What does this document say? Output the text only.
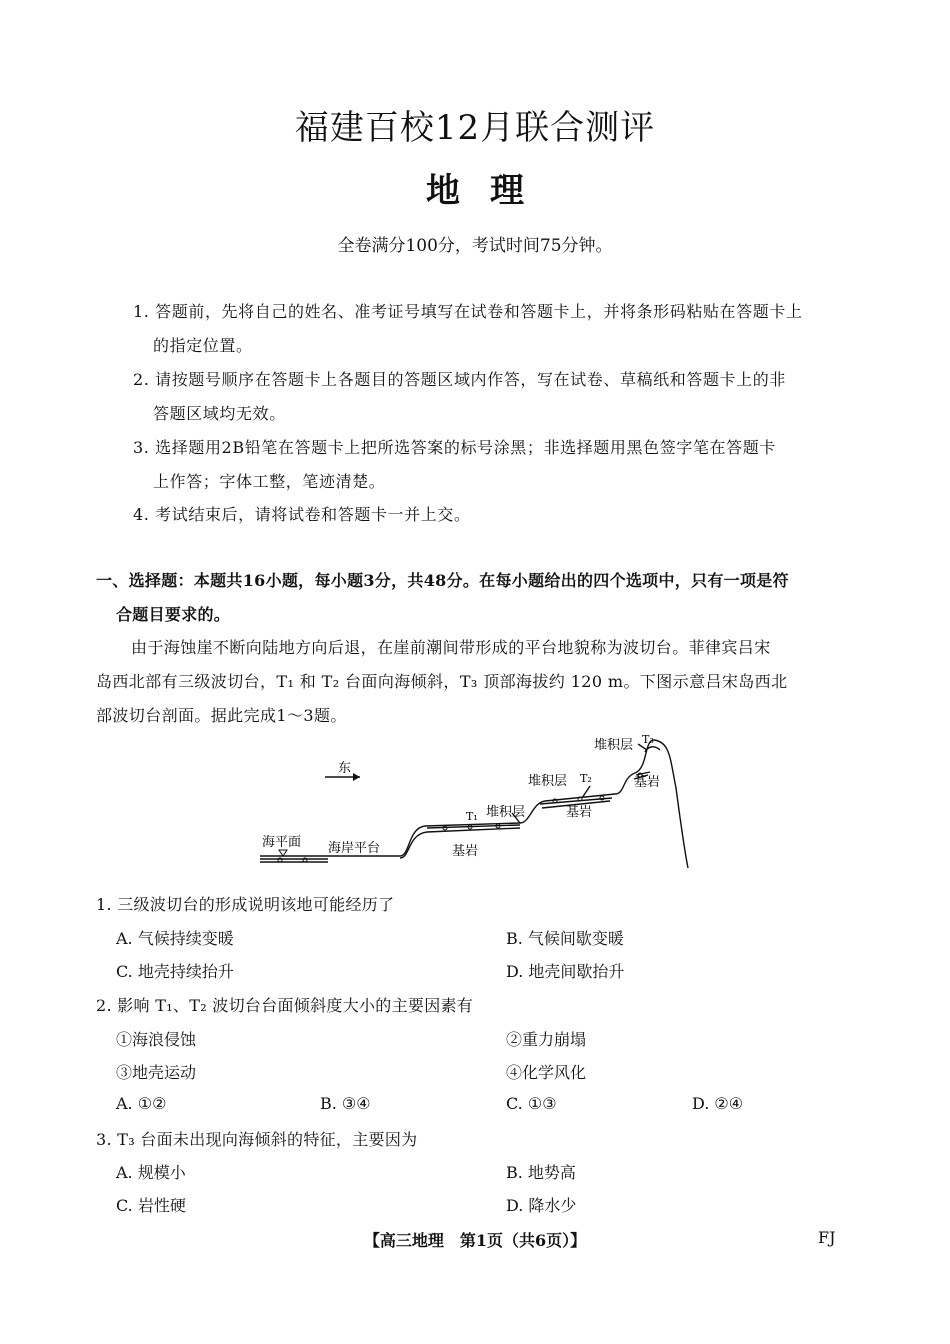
福建百校12月联合测评
地理
全卷满分100分，考试时间75分钟。
1. 答题前，先将自己的姓名、准考证号填写在试卷和答题卡上，并将条形码粘贴在答题卡上
的指定位置。
2. 请按题号顺序在答题卡上各题目的答题区域内作答，写在试卷、草稿纸和答题卡上的非
答题区域均无效。
3. 选择题用2B铅笔在答题卡上把所选答案的标号涂黑；非选择题用黑色签字笔在答题卡
上作答；字体工整，笔迹清楚。
4. 考试结束后，请将试卷和答题卡一并上交。
一、选择题：本题共16小题，每小题3分，共48分。在每小题给出的四个选项中，只有一项是符
合题目要求的。
由于海蚀崖不断向陆地方向后退，在崖前潮间带形成的平台地貌称为波切台。菲律宾吕宋
岛西北部有三级波切台，T₁ 和 T₂ 台面向海倾斜，T₃ 顶部海拔约 120 m。下图示意吕宋岛西北
部波切台剖面。据此完成1～3题。
东
海平面 海岸平台	基岩
T₁ 堆积层	基岩
堆积层 T₂	基岩
堆积层 T₃
1. 三级波切台的形成说明该地可能经历了
A. 气候持续变暖	B. 气候间歇变暖
C. 地壳持续抬升	D. 地壳间歇抬升
2. 影响 T₁、T₂ 波切台台面倾斜度大小的主要因素有
①海浪侵蚀	②重力崩塌
③地壳运动	④化学风化
A. ①②	B. ③④	C. ①③	D. ②④
3. T₃ 台面未出现向海倾斜的特征，主要因为
A. 规模小	B. 地势高
C. 岩性硬	D. 降水少
【高三地理　第1页（共6页）】	FJ
